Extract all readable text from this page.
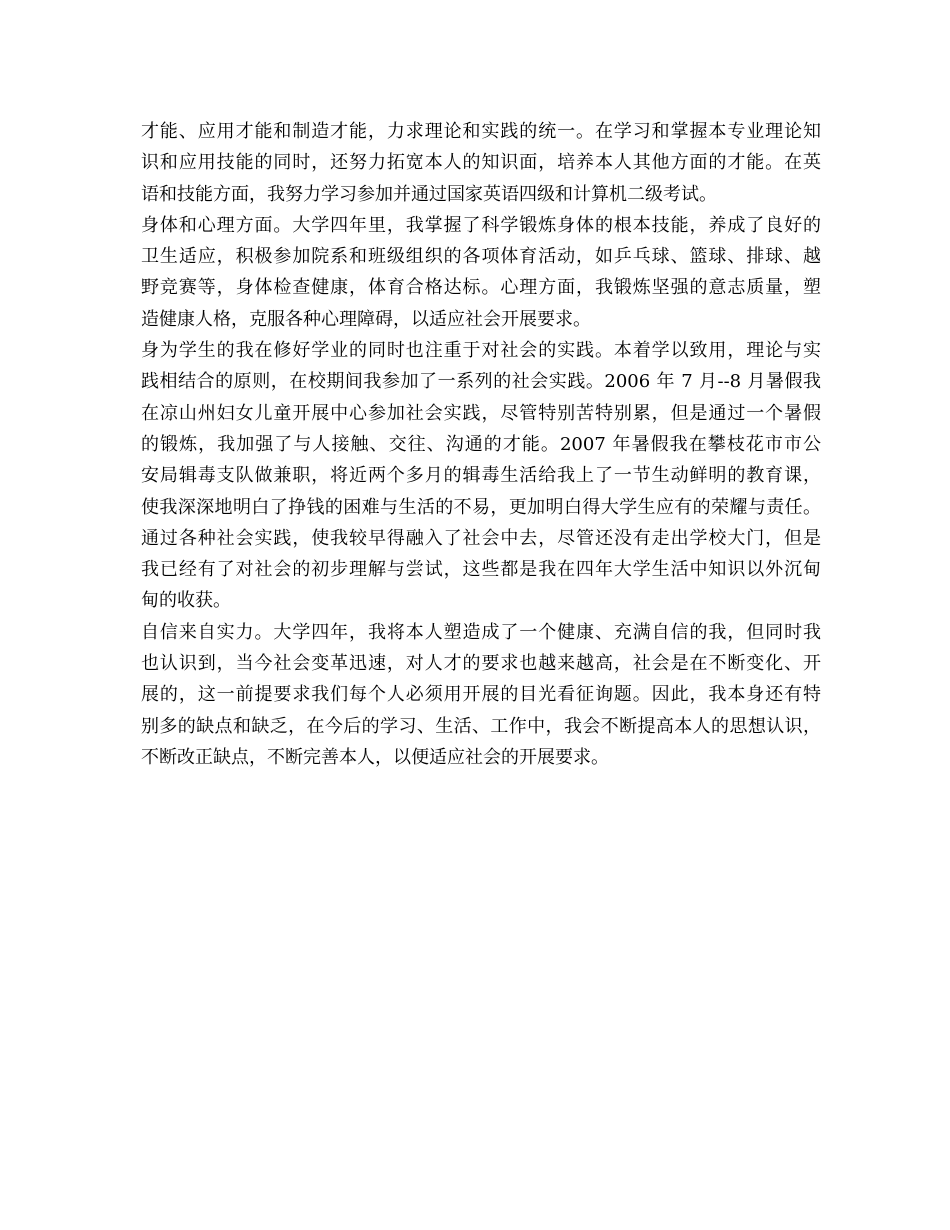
才能、应用才能和制造才能，力求理论和实践的统一。在学习和掌握本专业理论知
识和应用技能的同时，还努力拓宽本人的知识面，培养本人其他方面的才能。在英
语和技能方面，我努力学习参加并通过国家英语四级和计算机二级考试。
身体和心理方面。大学四年里，我掌握了科学锻炼身体的根本技能，养成了良好的
卫生适应，积极参加院系和班级组织的各项体育活动，如乒乓球、篮球、排球、越
野竞赛等，身体检查健康，体育合格达标。心理方面，我锻炼坚强的意志质量，塑
造健康人格，克服各种心理障碍，以适应社会开展要求。
身为学生的我在修好学业的同时也注重于对社会的实践。本着学以致用，理论与实
践相结合的原则，在校期间我参加了一系列的社会实践。2006 年 7 月--8 月暑假我
在凉山州妇女儿童开展中心参加社会实践，尽管特别苦特别累，但是通过一个暑假
的锻炼，我加强了与人接触、交往、沟通的才能。2007 年暑假我在攀枝花市市公
安局辑毒支队做兼职，将近两个多月的辑毒生活给我上了一节生动鲜明的教育课，
使我深深地明白了挣钱的困难与生活的不易，更加明白得大学生应有的荣耀与责任。
通过各种社会实践，使我较早得融入了社会中去，尽管还没有走出学校大门，但是
我已经有了对社会的初步理解与尝试，这些都是我在四年大学生活中知识以外沉甸
甸的收获。
自信来自实力。大学四年，我将本人塑造成了一个健康、充满自信的我，但同时我
也认识到，当今社会变革迅速，对人才的要求也越来越高，社会是在不断变化、开
展的，这一前提要求我们每个人必须用开展的目光看征询题。因此，我本身还有特
别多的缺点和缺乏，在今后的学习、生活、工作中，我会不断提高本人的思想认识，
不断改正缺点，不断完善本人，以便适应社会的开展要求。
